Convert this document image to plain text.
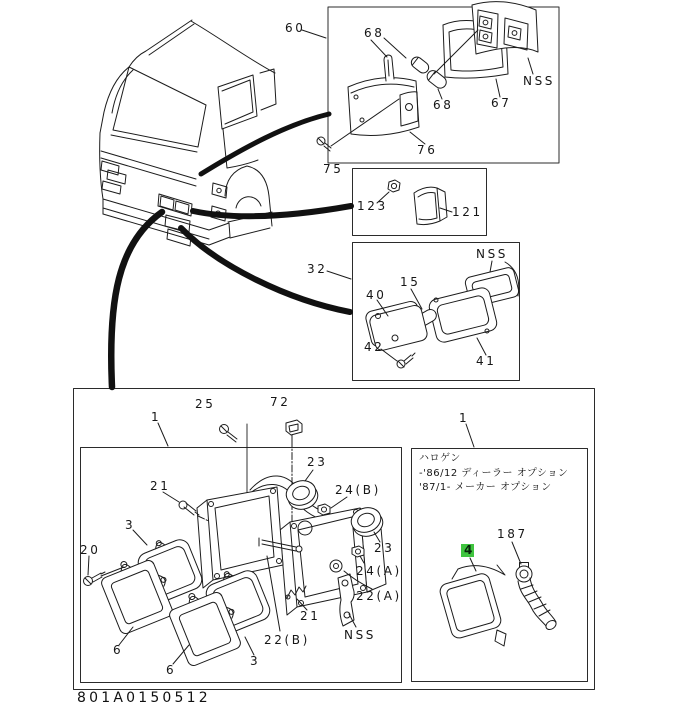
60	68
68	67
NSS
76
75
123	121
32
NSS
15
40
42
41
1
25	72
23
24(B)
23
24(A)
22(A)
NSS
21
22(B)
21
3
20
6
6
3
1
187
4
ハロゲン
-'86/12 ディーラー オプション
'87/1- メーカー オプション
801A0150512
